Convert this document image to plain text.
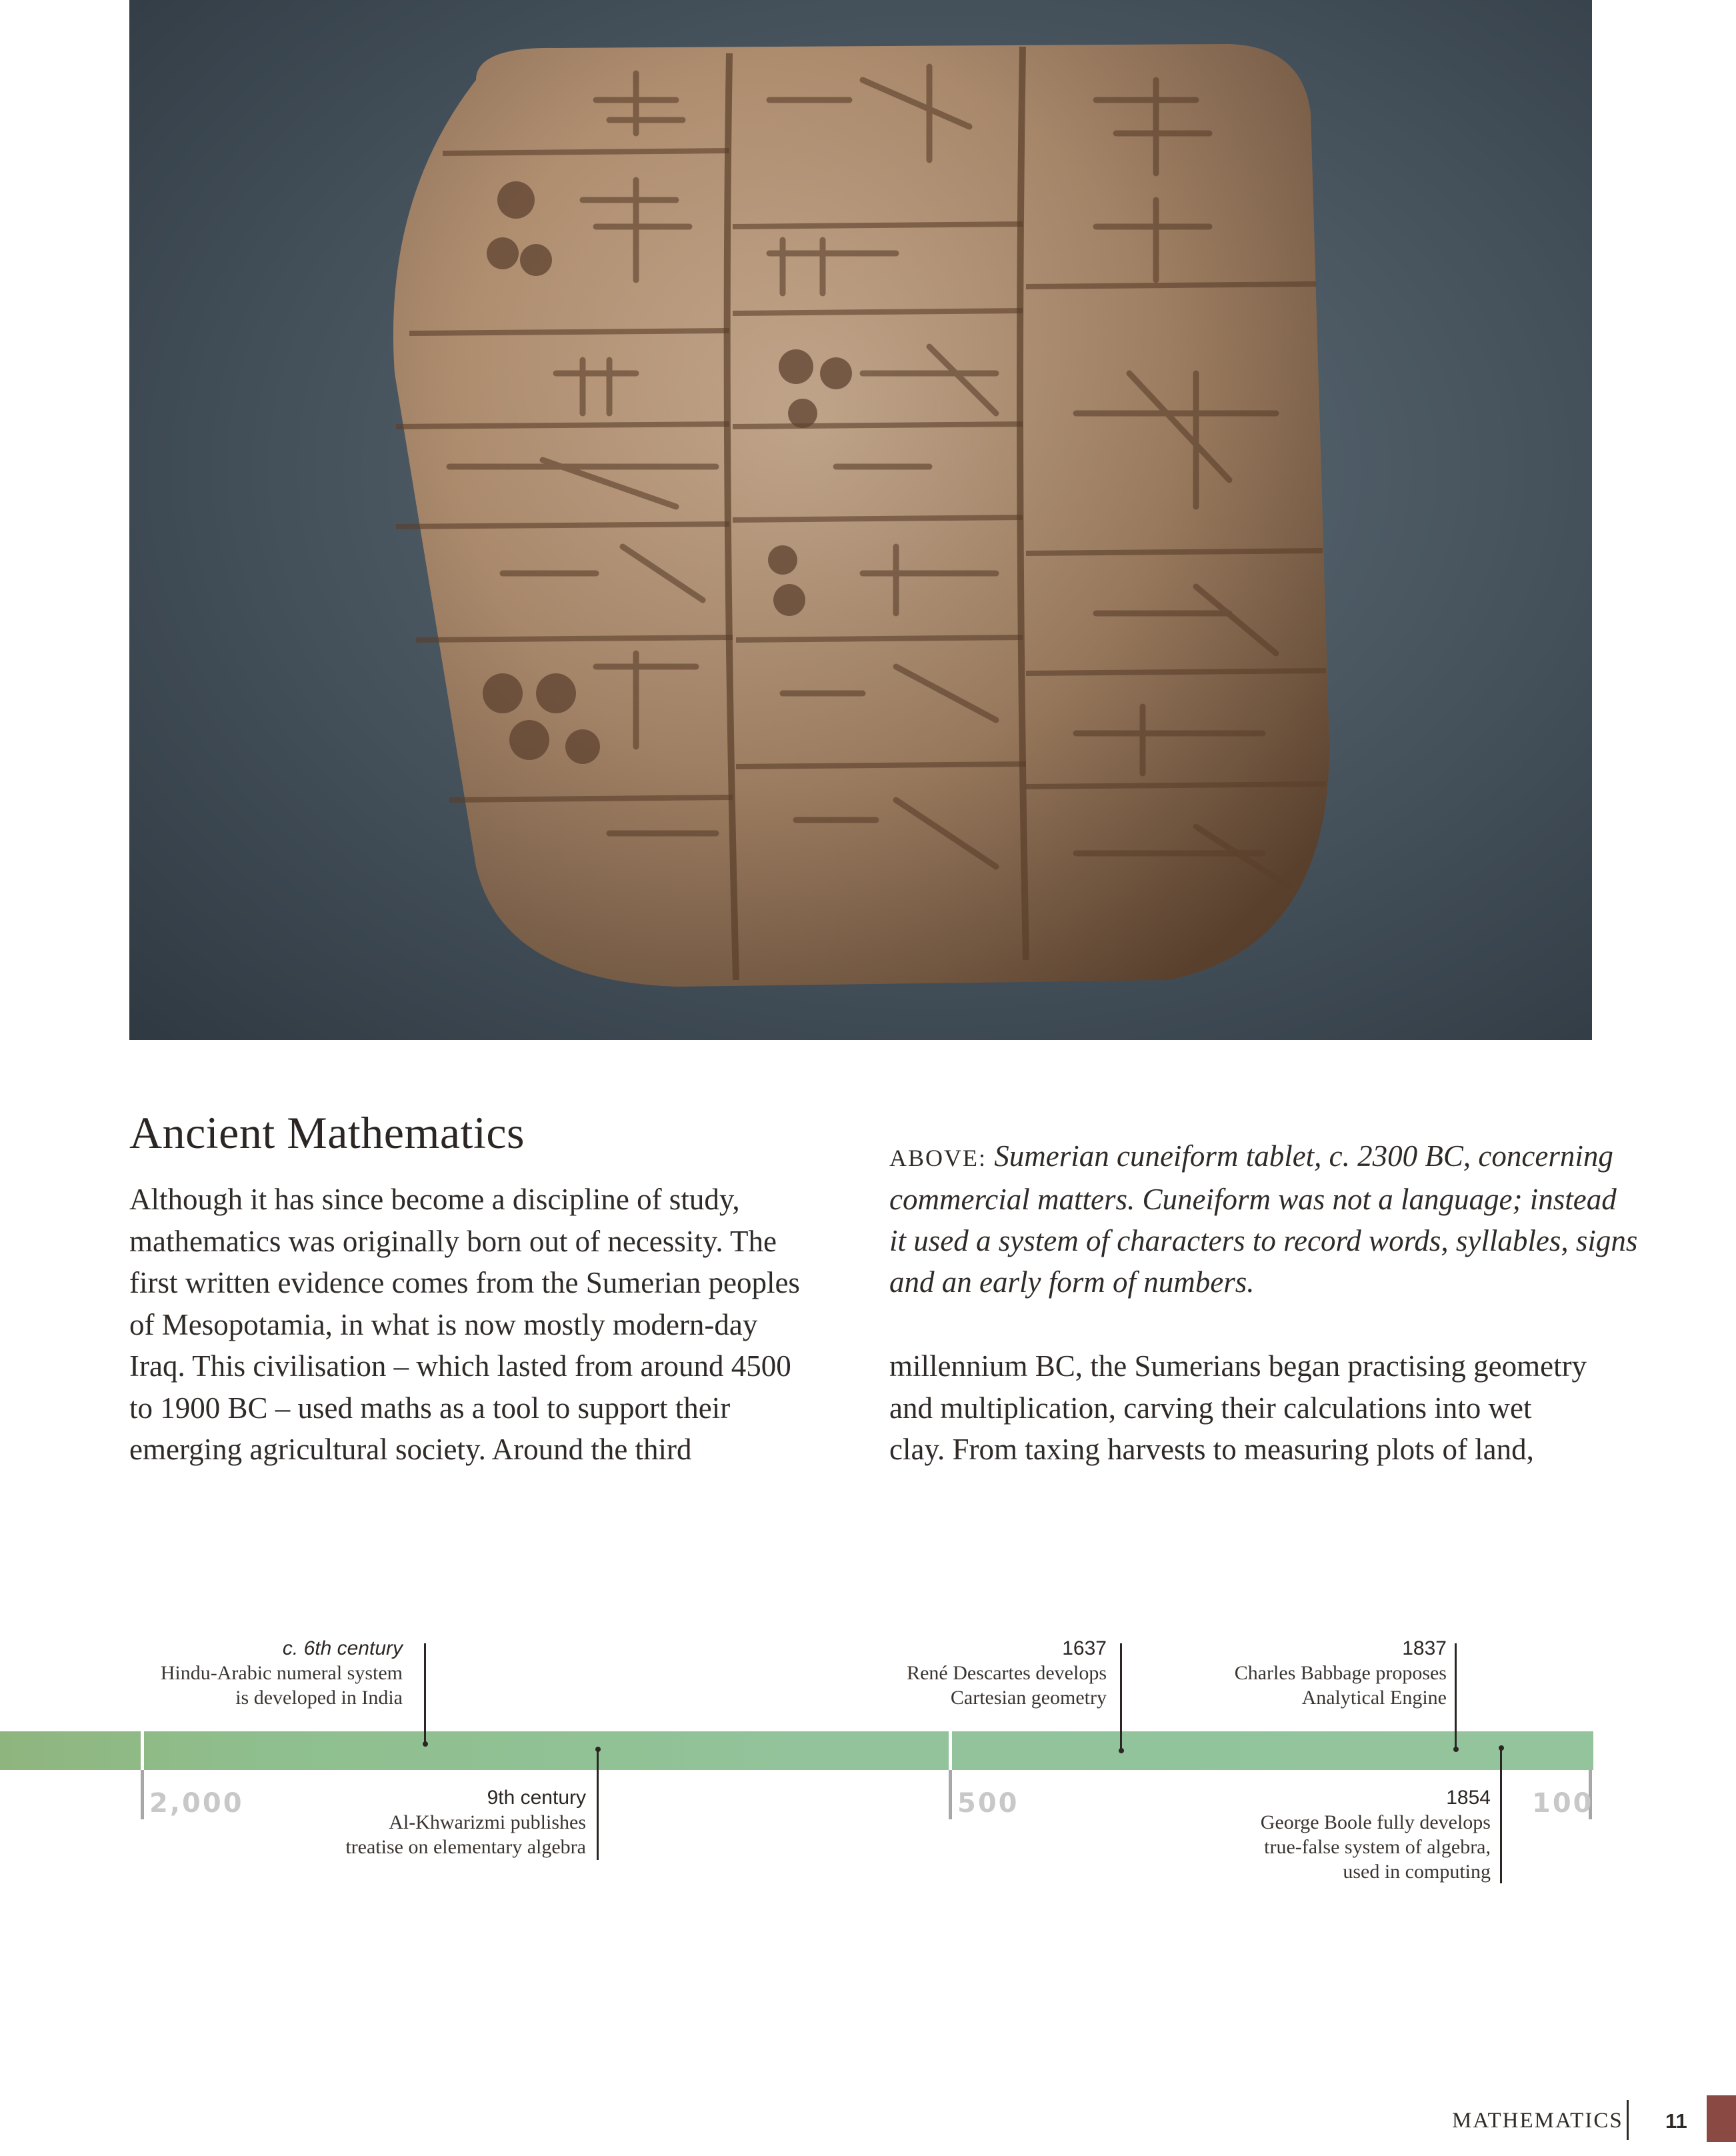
Ancient Mathematics
Although it has since become a discipline of study,
mathematics was originally born out of necessity. The
first written evidence comes from the Sumerian peoples
of Mesopotamia, in what is now mostly modern-day
Iraq. This civilisation – which lasted from around 4500
to 1900 BC – used maths as a tool to support their
emerging agricultural society. Around the third
ABOVE: Sumerian cuneiform tablet, c. 2300 BC, concerning
commercial matters. Cuneiform was not a language; instead
it used a system of characters to record words, syllables, signs
and an early form of numbers.
millennium BC, the Sumerians began practising geometry
and multiplication, carving their calculations into wet
clay. From taxing harvests to measuring plots of land,
2,000	500	100
c. 6th century
Hindu-Arabic numeral system
is developed in India
9th century
Al-Khwarizmi publishes
treatise on elementary algebra
1637
René Descartes develops
Cartesian geometry
1837
Charles Babbage proposes
Analytical Engine
1854
George Boole fully develops
true-false system of algebra,
used in computing
MATHEMATICS 11
